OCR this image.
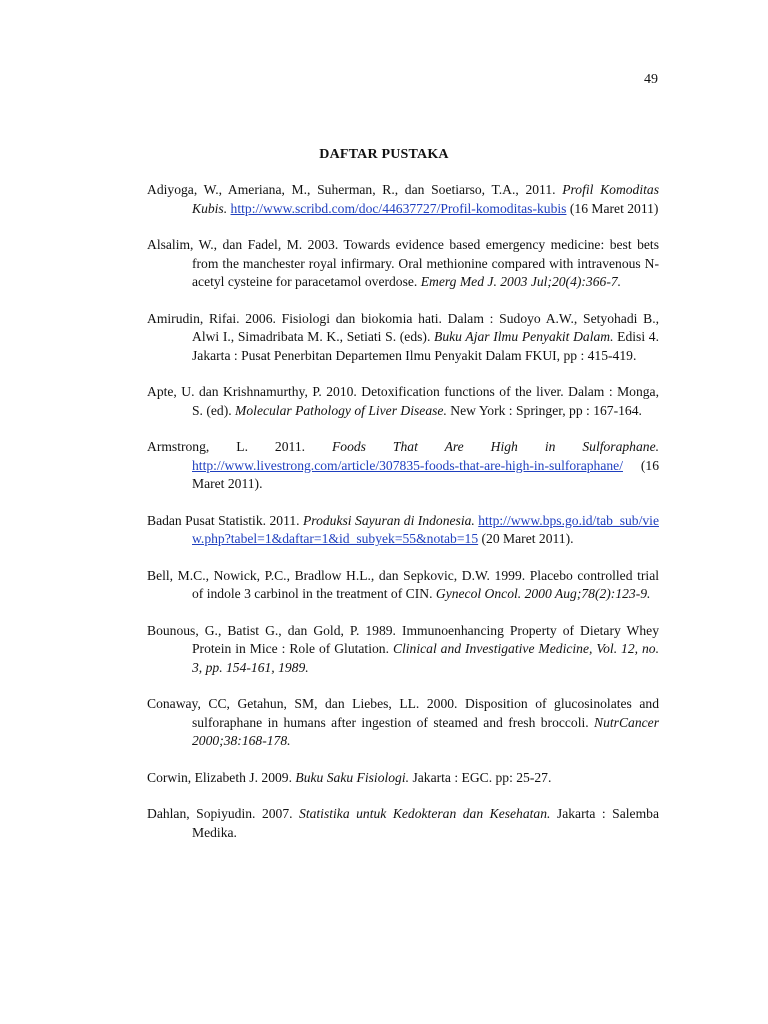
49
DAFTAR PUSTAKA

Adiyoga, W., Ameriana, M., Suherman, R., dan Soetiarso, T.A., 2011. Profil Komoditas Kubis. http://www.scribd.com/doc/44637727/Profil-komoditas-kubis (16 Maret 2011)

Alsalim, W., dan Fadel, M. 2003. Towards evidence based emergency medicine: best bets from the manchester royal infirmary. Oral methionine compared with intravenous N-acetyl cysteine for paracetamol overdose. Emerg Med J. 2003 Jul;20(4):366-7.

Amirudin, Rifai. 2006. Fisiologi dan biokomia hati. Dalam : Sudoyo A.W., Setyohadi B., Alwi I., Simadribata M. K., Setiati S. (eds). Buku Ajar Ilmu Penyakit Dalam. Edisi 4. Jakarta : Pusat Penerbitan Departemen Ilmu Penyakit Dalam FKUI, pp : 415-419.

Apte, U. dan Krishnamurthy, P. 2010. Detoxification functions of the liver. Dalam : Monga, S. (ed). Molecular Pathology of Liver Disease. New York : Springer, pp : 167-164.

Armstrong, L. 2011. Foods That Are High in Sulforaphane. http://www.livestrong.com/article/307835-foods-that-are-high-in-sulforaphane/ (16 Maret 2011).

Badan Pusat Statistik. 2011. Produksi Sayuran di Indonesia. http://www.bps.go.id/tab_sub/view.php?tabel=1&daftar=1&id_subyek=55&notab=15 (20 Maret 2011).

Bell, M.C., Nowick, P.C., Bradlow H.L., dan Sepkovic, D.W. 1999. Placebo controlled trial of indole 3 carbinol in the treatment of CIN. Gynecol Oncol. 2000 Aug;78(2):123-9.

Bounous, G., Batist G., dan Gold, P. 1989. Immunoenhancing Property of Dietary Whey Protein in Mice : Role of Glutation. Clinical and Investigative Medicine, Vol. 12, no. 3, pp. 154-161, 1989.

Conaway, CC, Getahun, SM, dan Liebes, LL. 2000. Disposition of glucosinolates and sulforaphane in humans after ingestion of steamed and fresh broccoli. NutrCancer 2000;38:168-178.

Corwin, Elizabeth J. 2009. Buku Saku Fisiologi. Jakarta : EGC. pp: 25-27.

Dahlan, Sopiyudin. 2007. Statistika untuk Kedokteran dan Kesehatan. Jakarta : Salemba Medika.
